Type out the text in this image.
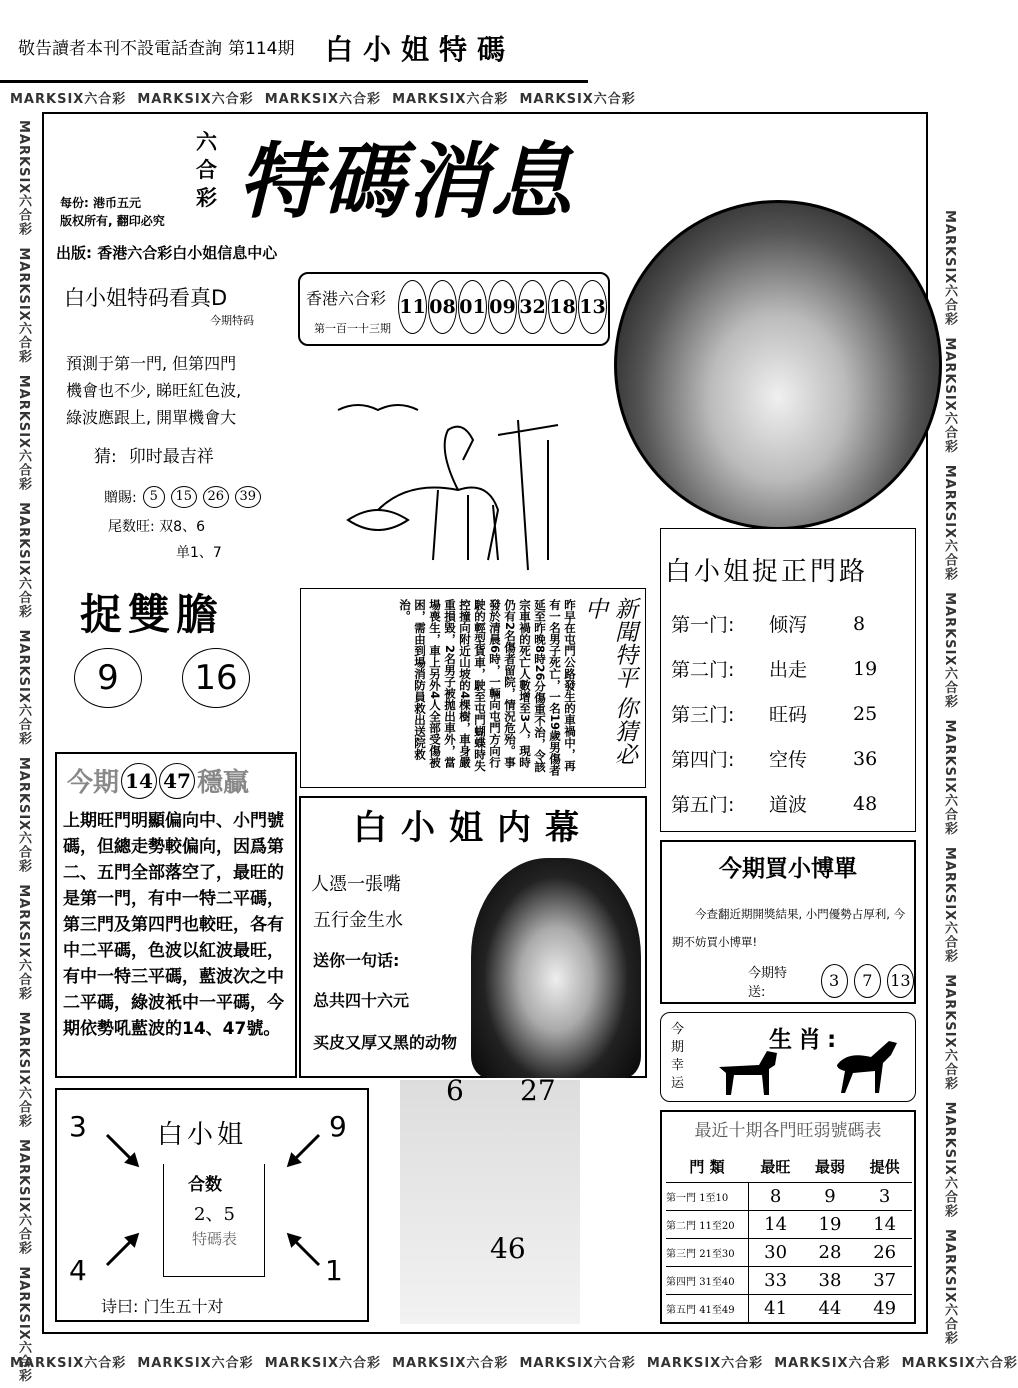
敬告讀者本刊不設電話查詢 第114期 白小姐特碼
MARKSIX六合彩 MARKSIX六合彩 MARKSIX六合彩 MARKSIX六合彩 MARKSIX六合彩
MARKSIX六合彩 MARKSIX六合彩 MARKSIX六合彩 MARKSIX六合彩 MARKSIX六合彩 MARKSIX六合彩 MARKSIX六合彩 MARKSIX六合彩
MARKSIX六合彩  MARKSIX六合彩  MARKSIX六合彩  MARKSIX六合彩  MARKSIX六合彩  MARKSIX六合彩  MARKSIX六合彩  MARKSIX六合彩  MARKSIX六合彩  MARKSIX六合彩
MARKSIX六合彩  MARKSIX六合彩  MARKSIX六合彩  MARKSIX六合彩  MARKSIX六合彩  MARKSIX六合彩  MARKSIX六合彩  MARKSIX六合彩  MARKSIX六合彩
六合彩 特碼消息
每份: 港币五元
版权所有, 翻印必究
出版: 香港六合彩白小姐信息中心
香港六合彩
第一百一十三期
11 08 01 09 32 18 13
白小姐特码看真D
今期特码
預測于第一門, 但第四門
機會也不少, 睇旺紅色波,
綠波應跟上, 開單機會大
猜: 卯时最吉祥
贈賜: 5	15	26	39
尾数旺: 双8、6
单1、7
捉雙膽
9	16
今期 14 47 穩贏
上期旺門明顯偏向中、小門號碼，但總走勢較偏向，因爲第二、五門全部落空了，最旺的是第一門，有中一特二平碼，第三門及第四門也較旺，各有中二平碼，色波以紅波最旺，有中一特三平碼，藍波次之中二平碼，綠波衹中一平碼，今期依勢吼藍波的14、47號。
白小姐
3	9
4	1
合数
2、5
特碼表
诗曰: 门生五十对
新聞特平 你猜必中
昨早在屯門公路發生的車禍中，再有一名男子死亡，一名19歲男傷者延至昨晚8時26分傷重不治，令該宗車禍的死亡人數增至3人，現時仍有2名傷者留院，情況危殆。事發於清晨6時，一輛向屯門方向行駛的輕型貨車，駛至屯門蝴蝶時失控撞向附近山坡的4棵樹，車身嚴重損毀，2名男子被拋出車外，當場喪生，車上另外4人全部受傷被困，需由到場消防員救出送院救治。
白小姐内幕
人憑一張嘴
五行金生水
送你一句话:
总共四十六元
买皮又厚又黑的动物
6 27
46
白小姐捉正門路
第一门:	倾泻	8
第二门:	出走	19
第三门:	旺码	25
第四门:	空传	36
第五门:	道波	48
今期買小博單
今查翻近期開獎結果, 小門優勢占厚利, 今期不妨買小博單!
今期特送:
3	7	13
今期幸运
生肖:
最近十期各門旺弱號碼表
門 類	最旺	最弱	提供
第一門 1至10	8	9	3
第二門 11至20	14	19	14
第三門 21至30	30	28	26
第四門 31至40	33	38	37
第五門 41至49	41	44	49
